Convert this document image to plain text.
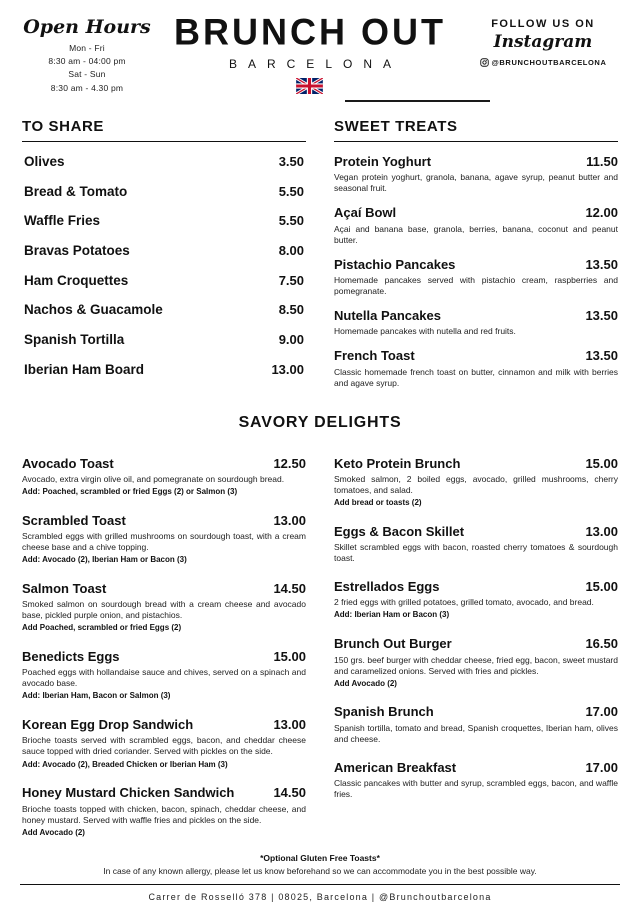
Open Hours
Mon - Fri
8:30 am - 04:00 pm
Sat - Sun
8:30 am - 4.30 pm
BRUNCH OUT
BARCELONA
FOLLOW US ON
Instagram
@BRUNCHOUTBARCELONA
TO SHARE
Olives	3.50
Bread & Tomato	5.50
Waffle Fries	5.50
Bravas Potatoes	8.00
Ham Croquettes	7.50
Nachos & Guacamole	8.50
Spanish Tortilla	9.00
Iberian Ham Board	13.00
SWEET TREATS
Protein Yoghurt	11.50
Vegan protein yoghurt, granola, banana, agave syrup, peanut butter and seasonal fruit.
Açaí Bowl	12.00
Açai and banana base, granola, berries, banana, coconut and peanut butter.
Pistachio Pancakes	13.50
Homemade pancakes served with pistachio cream, raspberries and pomegranate.
Nutella Pancakes	13.50
Homemade pancakes with nutella and red fruits.
French Toast	13.50
Classic homemade french toast on butter, cinnamon and milk with berries and agave syrup.
SAVORY DELIGHTS
Avocado Toast	12.50
Avocado, extra virgin olive oil, and pomegranate on sourdough bread.
Add: Poached, scrambled or fried Eggs (2) or Salmon (3)
Scrambled Toast	13.00
Scrambled eggs with grilled mushrooms on sourdough toast, with a cream cheese base and a chive topping.
Add: Avocado (2), Iberian Ham or Bacon (3)
Salmon Toast	14.50
Smoked salmon on sourdough bread with a cream cheese and avocado base, pickled purple onion, and pistachios.
Add Poached, scrambled or fried Eggs (2)
Benedicts Eggs	15.00
Poached eggs with hollandaise sauce and chives, served on a spinach and avocado base.
Add: Iberian Ham, Bacon or Salmon (3)
Korean Egg Drop Sandwich	13.00
Brioche toasts served with scrambled eggs, bacon, and cheddar cheese sauce topped with dried coriander. Served with pickles on the side.
Add: Avocado (2), Breaded Chicken or Iberian Ham (3)
Honey Mustard Chicken Sandwich	14.50
Brioche toasts topped with chicken, bacon, spinach, cheddar cheese, and honey mustard. Served with waffle fries and pickles on the side.
Add Avocado (2)
Keto Protein Brunch	15.00
Smoked salmon, 2 boiled eggs, avocado, grilled mushrooms, cherry tomatoes, and salad.
Add bread or toasts (2)
Eggs & Bacon Skillet	13.00
Skillet scrambled eggs with bacon, roasted cherry tomatoes & sourdough toast.
Estrellados Eggs	15.00
2 fried eggs with grilled potatoes, grilled tomato, avocado, and bread.
Add: Iberian Ham or Bacon (3)
Brunch Out Burger	16.50
150 grs. beef burger with cheddar cheese, fried egg, bacon, sweet mustard and caramelized onions. Served with fries and pickles.
Add Avocado (2)
Spanish Brunch	17.00
Spanish tortilla, tomato and bread, Spanish croquettes, Iberian ham, olives and cheese.
American Breakfast	17.00
Classic pancakes with butter and syrup, scrambled eggs, bacon, and waffle fries.
*Optional Gluten Free Toasts*
In case of any known allergy, please let us know beforehand so we can accommodate you in the best possible way.
Carrer de Rosselló 378 | 08025, Barcelona | @Brunchoutbarcelona
